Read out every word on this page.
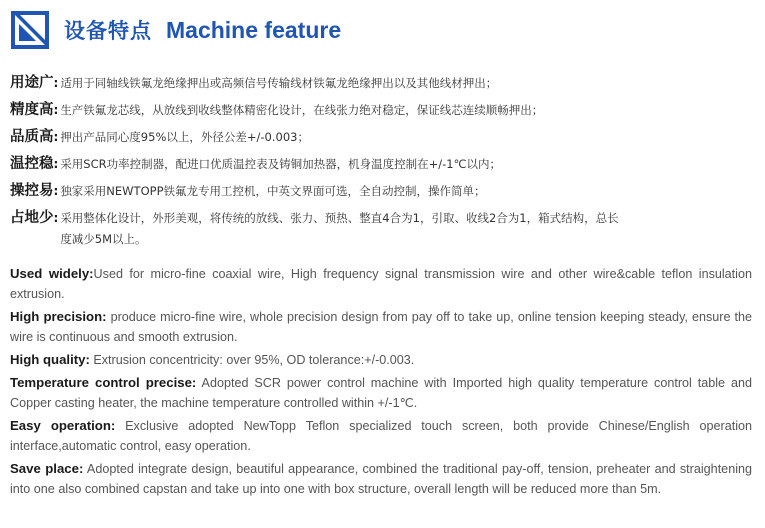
设备特点 Machine feature
用途广 : 适用于同轴线铁氟龙绝缘押出或高频信号传输线材铁氟龙绝缘押出以及其他线材押出；
精度高 : 生产铁氟龙芯线，从放线到收线整体精密化设计，在线张力绝对稳定，保证线芯连续顺畅押出；
品质高 : 押出产品同心度95%以上，外径公差+/-0.003；
温控稳 : 采用SCR功率控制器，配进口优质温控表及铸铜加热器，机身温度控制在+/-1℃以内；
操控易 : 独家采用NEWTOPP铁氟龙专用工控机，中英文界面可选，全自动控制，操作简单；
占地少 : 采用整体化设计，外形美观，将传统的放线、张力、预热、整直4合为1，引取、收线2合为1，箱式结构，总长度减少5M以上。
Used widely:Used for micro-fine coaxial wire, High frequency signal transmission wire and other wire&cable teflon insulation extrusion.
High precision: produce micro-fine wire, whole precision design from pay off to take up, online tension keeping steady, ensure the wire is continuous and smooth extrusion.
High quality: Extrusion concentricity: over 95%, OD tolerance:+/-0.003.
Temperature control precise: Adopted SCR power control machine with Imported high quality temperature control table and Copper casting heater, the machine temperature controlled within +/-1℃.
Easy operation: Exclusive adopted NewTopp Teflon specialized touch screen, both provide Chinese/English operation interface,automatic control, easy operation.
Save place: Adopted integrate design, beautiful appearance, combined the traditional pay-off, tension, preheater and straightening into one also combined capstan and take up into one with box structure, overall length will be reduced more than 5m.
